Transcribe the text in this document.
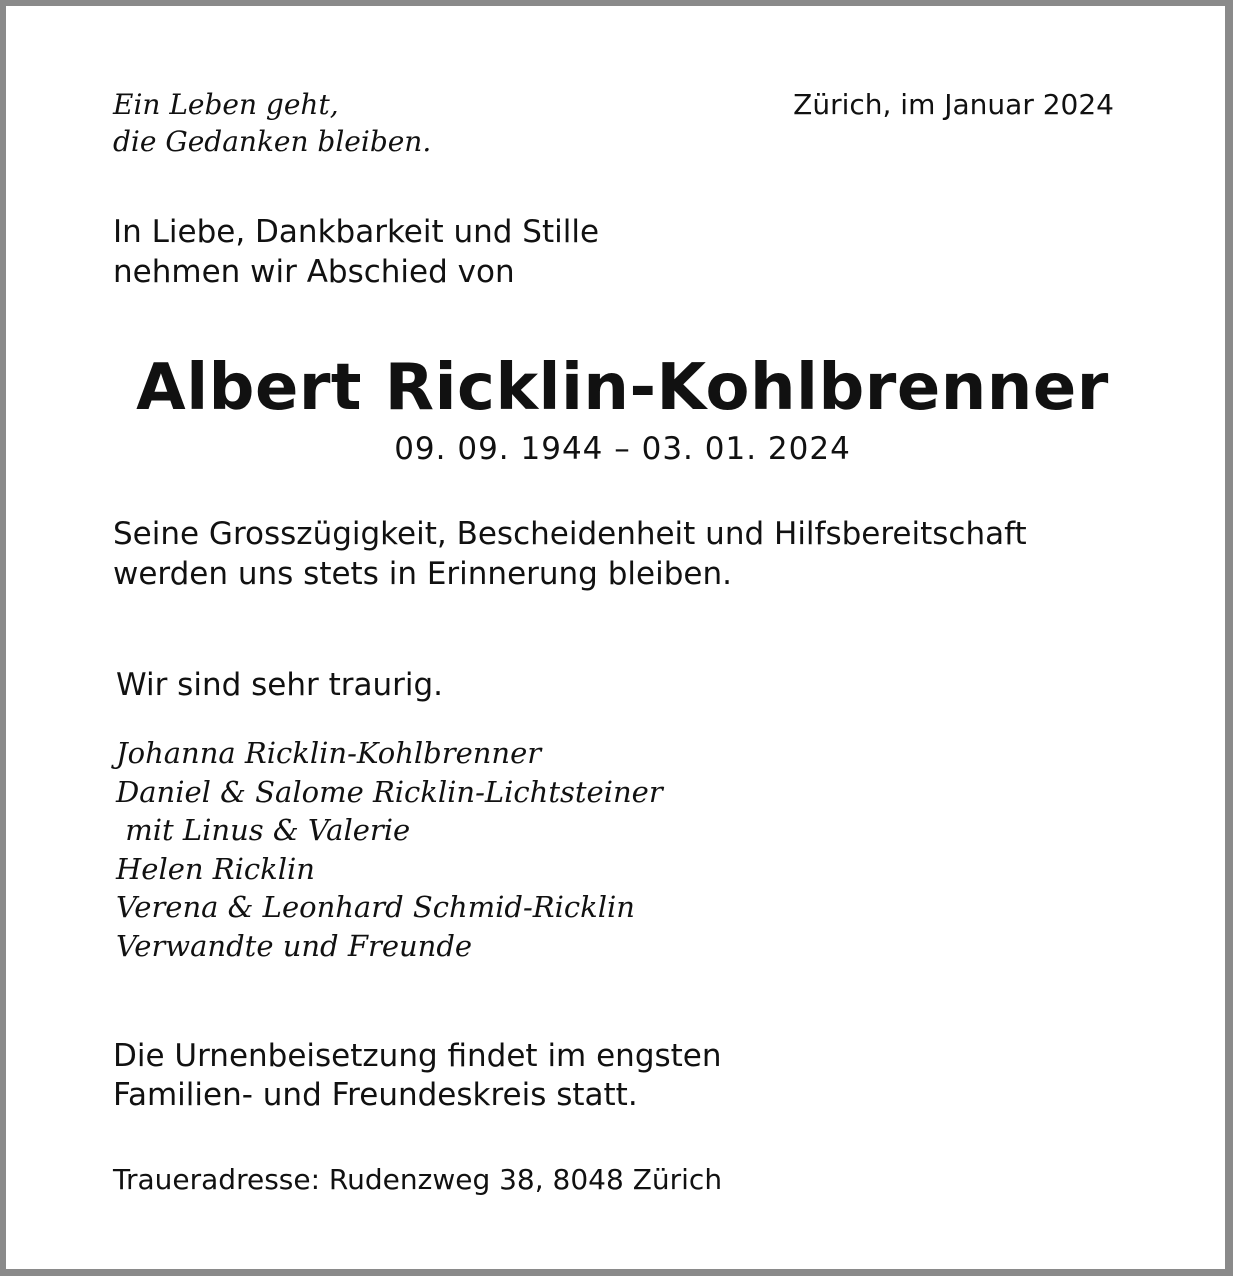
Ein Leben geht,
die Gedanken bleiben.
Zürich, im Januar 2024
In Liebe, Dankbarkeit und Stille
nehmen wir Abschied von
Albert Ricklin-Kohlbrenner
09. 09. 1944 – 03. 01. 2024
Seine Grosszügigkeit, Bescheidenheit und Hilfsbereitschaft
werden uns stets in Erinnerung bleiben.
Wir sind sehr traurig.
Johanna Ricklin-Kohlbrenner
Daniel & Salome Ricklin-Lichtsteiner
mit Linus & Valerie
Helen Ricklin
Verena & Leonhard Schmid-Ricklin
Verwandte und Freunde
Die Urnenbeisetzung findet im engsten
Familien- und Freundeskreis statt.
Traueradresse: Rudenzweg 38, 8048 Zürich
